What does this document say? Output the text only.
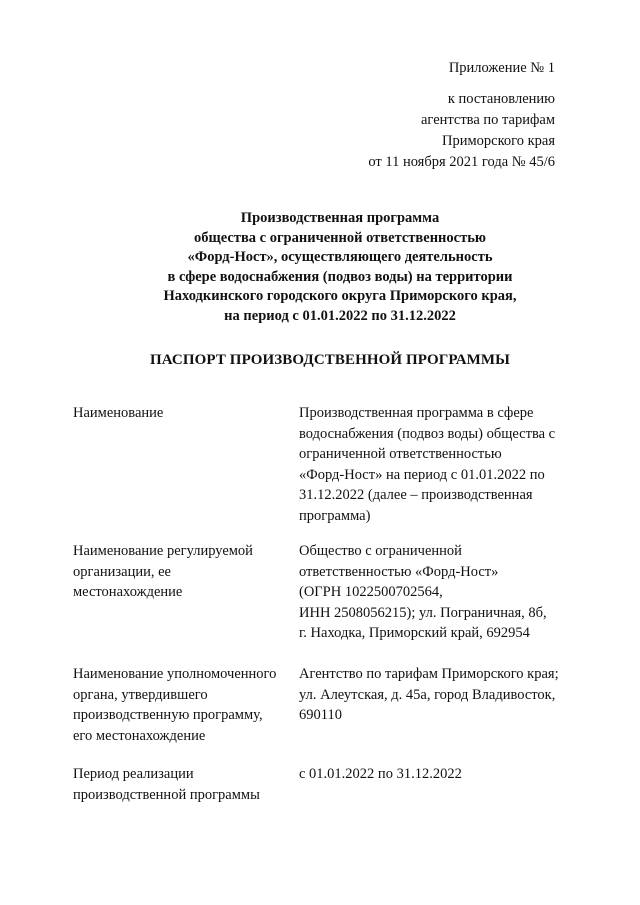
Приложение № 1
к постановлению
агентства по тарифам
Приморского края
от 11 ноября 2021 года № 45/6
Производственная программа
общества с ограниченной ответственностью
«Форд-Ност», осуществляющего деятельность
в сфере водоснабжения (подвоз воды) на территории
Находкинского городского округа Приморского края,
на период с 01.01.2022 по 31.12.2022
ПАСПОРТ ПРОИЗВОДСТВЕННОЙ ПРОГРАММЫ
Наименование	Производственная программа в сфере
водоснабжения (подвоз воды) общества с
ограниченной ответственностью
«Форд-Ност» на период с 01.01.2022 по
31.12.2022 (далее – производственная
программа)
Наименование регулируемой
организации, ее
местонахождение
Общество с ограниченной
ответственностью «Форд-Ност»
(ОГРН 1022500702564,
ИНН 2508056215); ул. Пограничная, 8б,
г. Находка, Приморский край, 692954
Наименование уполномоченного
органа, утвердившего
производственную программу,
его местонахождение
Агентство по тарифам Приморского края;
ул. Алеутская, д. 45а, город Владивосток,
690110
Период реализации
производственной программы
с 01.01.2022 по 31.12.2022
